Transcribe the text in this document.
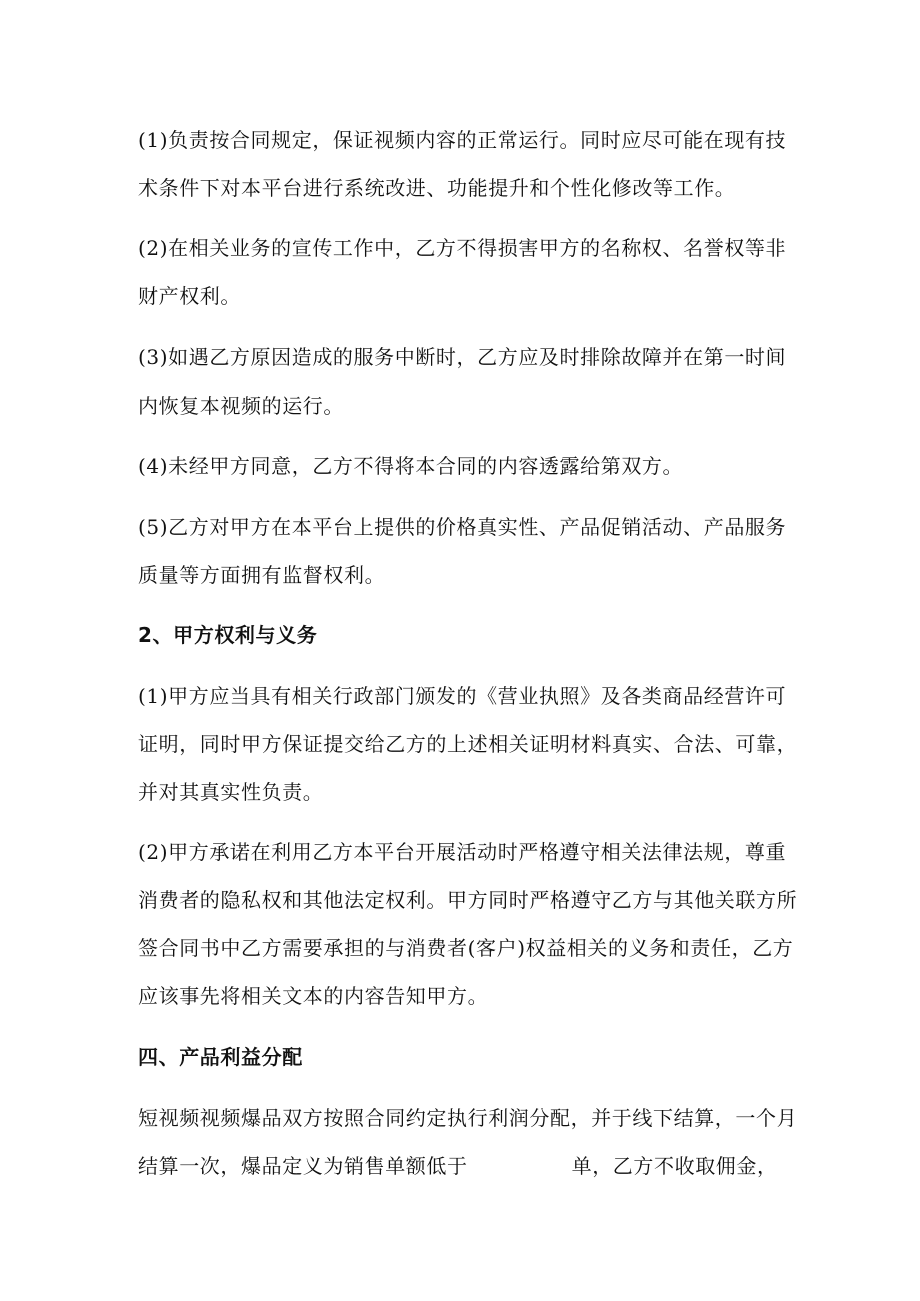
(1)负责按合同规定，保证视频内容的正常运行。同时应尽可能在现有技
术条件下对本平台进行系统改进、功能提升和个性化修改等工作。
(2)在相关业务的宣传工作中，乙方不得损害甲方的名称权、名誉权等非
财产权利。
(3)如遇乙方原因造成的服务中断时，乙方应及时排除故障并在第一时间
内恢复本视频的运行。
(4)未经甲方同意，乙方不得将本合同的内容透露给第双方。
(5)乙方对甲方在本平台上提供的价格真实性、产品促销活动、产品服务
质量等方面拥有监督权利。
2、甲方权利与义务
(1)甲方应当具有相关行政部门颁发的《营业执照》及各类商品经营许可
证明，同时甲方保证提交给乙方的上述相关证明材料真实、合法、可靠，
并对其真实性负责。
(2)甲方承诺在利用乙方本平台开展活动时严格遵守相关法律法规，尊重
消费者的隐私权和其他法定权利。甲方同时严格遵守乙方与其他关联方所
签合同书中乙方需要承担的与消费者(客户)权益相关的义务和责任，乙方
应该事先将相关文本的内容告知甲方。
四、产品利益分配
短视频视频爆品双方按照合同约定执行利润分配，并于线下结算，一个月
结算一次，爆品定义为销售单额低于	单，乙方不收取佣金，
